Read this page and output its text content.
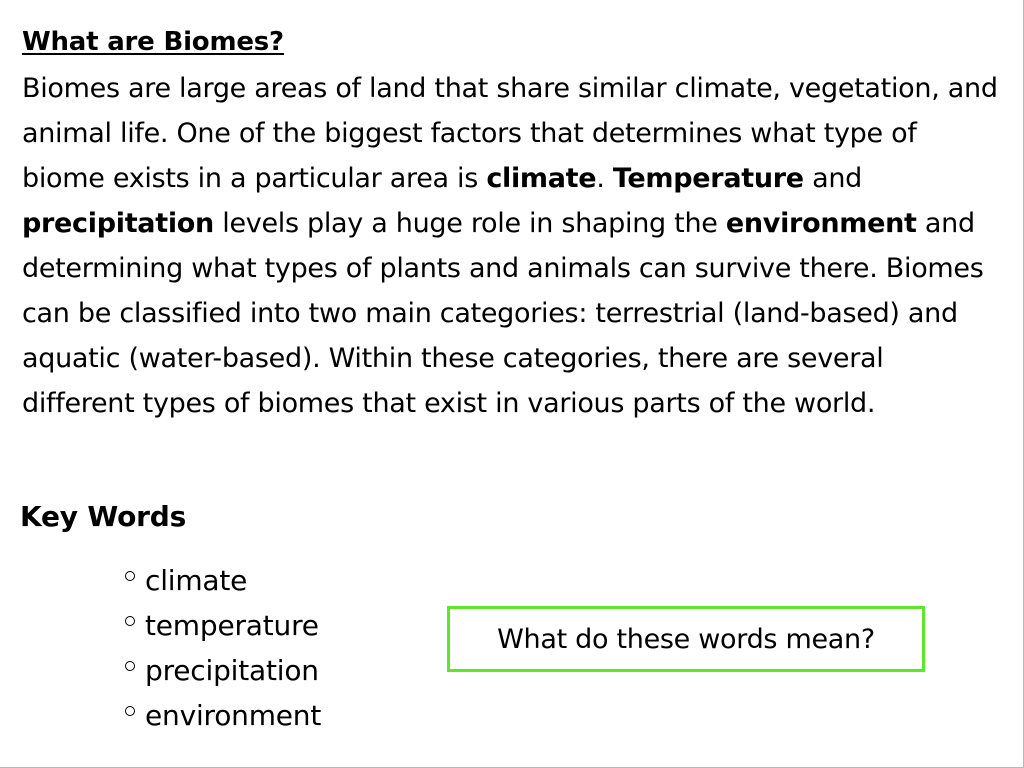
What are Biomes?
Biomes are large areas of land that share similar climate, vegetation, and animal life. One of the biggest factors that determines what type of biome exists in a particular area is climate. Temperature and precipitation levels play a huge role in shaping the environment and determining what types of plants and animals can survive there. Biomes can be classified into two main categories: terrestrial (land-based) and aquatic (water-based). Within these categories, there are several different types of biomes that exist in various parts of the world.
Key Words
climate
temperature
precipitation
environment
What do these words mean?
